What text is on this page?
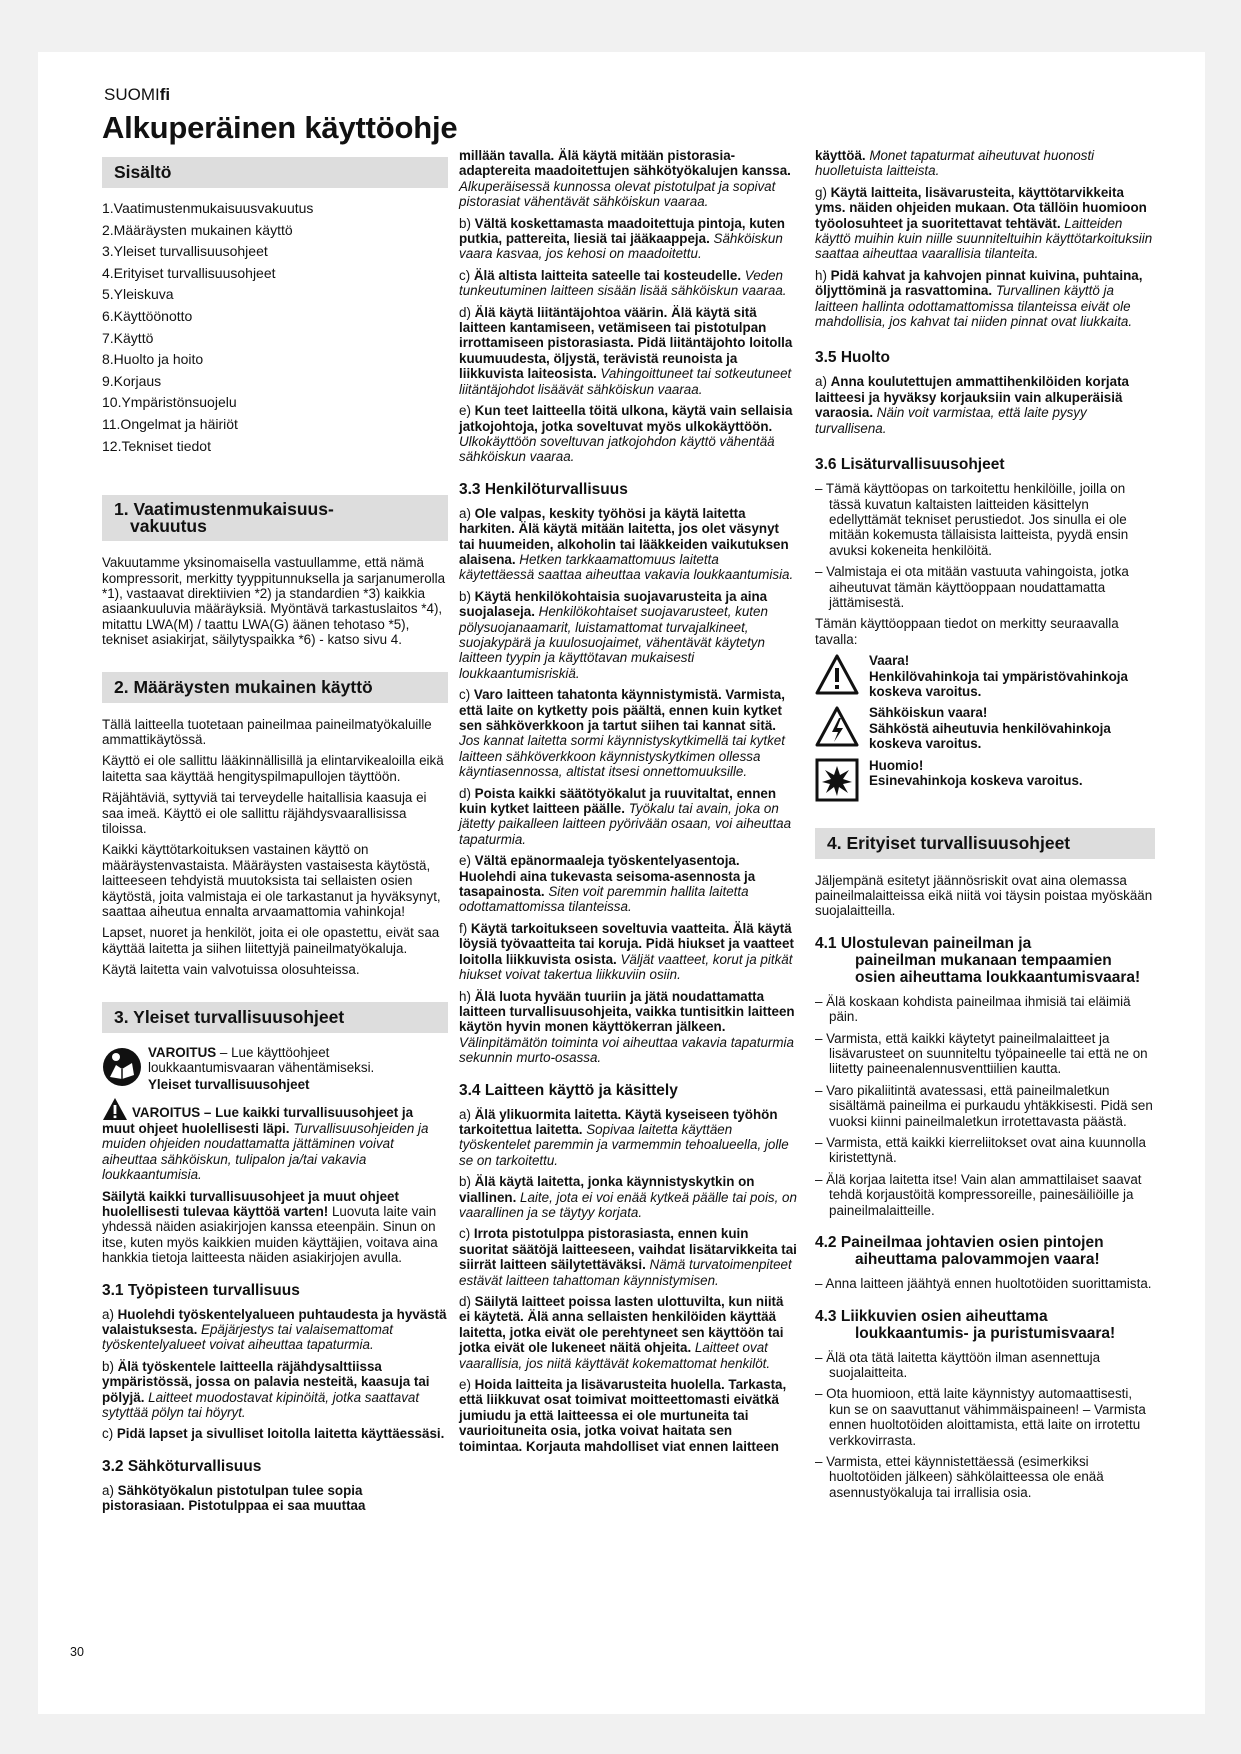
SUOMIfi
Alkuperäinen käyttöohje
Sisältö
1.Vaatimustenmukaisuusvakuutus
2.Määräysten mukainen käyttö
3.Yleiset turvallisuusohjeet
4.Erityiset turvallisuusohjeet
5.Yleiskuva
6.Käyttöönotto
7.Käyttö
8.Huolto ja hoito
9.Korjaus
10.Ympäristönsuojelu
11.Ongelmat ja häiriöt
12.Tekniset tiedot
1. Vaatimustenmukaisuus-
vakuutus

Vakuutamme yksinomaisella vastuullamme, että nämä kompressorit, merkitty tyyppitunnuksella ja sarjanumerolla *1), vastaavat direktiivien *2) ja standardien *3) kaikkia asiaankuuluvia määräyksiä. Myöntävä tarkastuslaitos *4), mitattu LWA(M) / taattu LWA(G) äänen tehotaso *5), tekniset asiakirjat, säilytyspaikka *6) - katso sivu 4.

2. Määräysten mukainen käyttö

Tällä laitteella tuotetaan paineilmaa paineilmatyökaluille ammattikäytössä.

Käyttö ei ole sallittu lääkinnällisillä ja elintarvikealoilla eikä laitetta saa käyttää hengityspilmapullojen täyttöön.

Räjähtäviä, syttyviä tai terveydelle haitallisia kaasuja ei saa imeä. Käyttö ei ole sallittu räjähdysvaarallisissa tiloissa.

Kaikki käyttötarkoituksen vastainen käyttö on määräystenvastaista. Määräysten vastaisesta käytöstä, laitteeseen tehdyistä muutoksista tai sellaisten osien käytöstä, joita valmistaja ei ole tarkastanut ja hyväksynyt, saattaa aiheutua ennalta arvaamattomia vahinkoja!

Lapset, nuoret ja henkilöt, joita ei ole opastettu, eivät saa käyttää laitetta ja siihen liitettyjä paineilmatyökaluja.

Käytä laitetta vain valvotuissa olosuhteissa.

3. Yleiset turvallisuusohjeet

VAROITUS – Lue käyttöohjeet loukkaantumisvaaran vähentämiseksi.

Yleiset turvallisuusohjeet

VAROITUS – Lue kaikki turvallisuusohjeet ja muut ohjeet huolellisesti läpi. Turvallisuusohjeiden ja muiden ohjeiden noudattamatta jättäminen voivat aiheuttaa sähköiskun, tulipalon ja/tai vakavia loukkaantumisia.

Säilytä kaikki turvallisuusohjeet ja muut ohjeet huolellisesti tulevaa käyttöä varten! Luovuta laite vain yhdessä näiden asiakirjojen kanssa eteenpäin. Sinun on itse, kuten myös kaikkien muiden käyttäjien, voitava aina hankkia tietoja laitteesta näiden asiakirjojen avulla.

3.1 Työpisteen turvallisuus

a) Huolehdi työskentelyalueen puhtaudesta ja hyvästä valaistuksesta. Epäjärjestys tai valaisemattomat työskentelyalueet voivat aiheuttaa tapaturmia.

b) Älä työskentele laitteella räjähdysalttiissa ympäristössä, jossa on palavia nesteitä, kaasuja tai pölyjä. Laitteet muodostavat kipinöitä, jotka saattavat sytyttää pölyn tai höyryt.

c) Pidä lapset ja sivulliset loitolla laitetta käyttäessäsi.

3.2 Sähköturvallisuus

a) Sähkötyökalun pistotulpan tulee sopia pistorasiaan. Pistotulppaa ei saa muuttaa

millään tavalla. Älä käytä mitään pistorasia-adaptereita maadoitettujen sähkötyökalujen kanssa. Alkuperäisessä kunnossa olevat pistotulpat ja sopivat pistorasiat vähentävät sähköiskun vaaraa.

b) Vältä koskettamasta maadoitettuja pintoja, kuten putkia, pattereita, liesiä tai jääkaappeja. Sähköiskun vaara kasvaa, jos kehosi on maadoitettu.

c) Älä altista laitteita sateelle tai kosteudelle. Veden tunkeutuminen laitteen sisään lisää sähköiskun vaaraa.

d) Älä käytä liitäntäjohtoa väärin. Älä käytä sitä laitteen kantamiseen, vetämiseen tai pistotulpan irrottamiseen pistorasiasta. Pidä liitäntäjohto loitolla kuumuudesta, öljystä, terävistä reunoista ja liikkuvista laiteosista. Vahingoittuneet tai sotkeutuneet liitäntäjohdot lisäävät sähköiskun vaaraa.

e) Kun teet laitteella töitä ulkona, käytä vain sellaisia jatkojohtoja, jotka soveltuvat myös ulkokäyttöön. Ulkokäyttöön soveltuvan jatkojohdon käyttö vähentää sähköiskun vaaraa.

3.3 Henkilöturvallisuus

a) Ole valpas, keskity työhösi ja käytä laitetta harkiten. Älä käytä mitään laitetta, jos olet väsynyt tai huumeiden, alkoholin tai lääkkeiden vaikutuksen alaisena. Hetken tarkkaamattomuus laitetta käytettäessä saattaa aiheuttaa vakavia loukkaantumisia.

b) Käytä henkilökohtaisia suojavarusteita ja aina suojalaseja. Henkilökohtaiset suojavarusteet, kuten pölysuojanaamarit, luistamattomat turvajalkineet, suojakypärä ja kuulosuojaimet, vähentävät käytetyn laitteen tyypin ja käyttötavan mukaisesti loukkaantumisriskiä.

c) Varo laitteen tahatonta käynnistymistä. Varmista, että laite on kytketty pois päältä, ennen kuin kytket sen sähköverkkoon ja tartut siihen tai kannat sitä. Jos kannat laitetta sormi käynnistyskytkimellä tai kytket laitteen sähköverkkoon käynnistyskytkimen ollessa käyntiasennossa, altistat itsesi onnettomuuksille.

d) Poista kaikki säätötyökalut ja ruuvitaltat, ennen kuin kytket laitteen päälle. Työkalu tai avain, joka on jätetty paikalleen laitteen pyörivään osaan, voi aiheuttaa tapaturmia.

e) Vältä epänormaaleja työskentelyasentoja. Huolehdi aina tukevasta seisoma-asennosta ja tasapainosta. Siten voit paremmin hallita laitetta odottamattomissa tilanteissa.

f) Käytä tarkoitukseen soveltuvia vaatteita. Älä käytä löysiä työvaatteita tai koruja. Pidä hiukset ja vaatteet loitolla liikkuvista osista. Väljät vaatteet, korut ja pitkät hiukset voivat takertua liikkuviin osiin.

h) Älä luota hyvään tuuriin ja jätä noudattamatta laitteen turvallisuusohjeita, vaikka tuntisitkin laitteen käytön hyvin monen käyttökerran jälkeen. Välinpitämätön toiminta voi aiheuttaa vakavia tapaturmia sekunnin murto-osassa.

3.4 Laitteen käyttö ja käsittely

a) Älä ylikuormita laitetta. Käytä kyseiseen työhön tarkoitettua laitetta. Sopivaa laitetta käyttäen työskentelet paremmin ja varmemmin tehoalueella, jolle se on tarkoitettu.

b) Älä käytä laitetta, jonka käynnistyskytkin on viallinen. Laite, jota ei voi enää kytkeä päälle tai pois, on vaarallinen ja se täytyy korjata.

c) Irrota pistotulppa pistorasiasta, ennen kuin suoritat säätöjä laitteeseen, vaihdat lisätarvikkeita tai siirrät laitteen säilytettäväksi. Nämä turvatoimenpiteet estävät laitteen tahattoman käynnistymisen.

d) Säilytä laitteet poissa lasten ulottuvilta, kun niitä ei käytetä. Älä anna sellaisten henkilöiden käyttää laitetta, jotka eivät ole perehtyneet sen käyttöön tai jotka eivät ole lukeneet näitä ohjeita. Laitteet ovat vaarallisia, jos niitä käyttävät kokemattomat henkilöt.

e) Hoida laitteita ja lisävarusteita huolella. Tarkasta, että liikkuvat osat toimivat moitteettomasti eivätkä jumiudu ja että laitteessa ei ole murtuneita tai vaurioituneita osia, jotka voivat haitata sen toimintaa. Korjauta mahdolliset viat ennen laitteen

käyttöä. Monet tapaturmat aiheutuvat huonosti huolletuista laitteista.

g) Käytä laitteita, lisävarusteita, käyttötarvikkeita yms. näiden ohjeiden mukaan. Ota tällöin huomioon työolosuhteet ja suoritettavat tehtävät. Laitteiden käyttö muihin kuin niille suunniteltuihin käyttötarkoituksiin saattaa aiheuttaa vaarallisia tilanteita.

h) Pidä kahvat ja kahvojen pinnat kuivina, puhtaina, öljyttöminä ja rasvattomina. Turvallinen käyttö ja laitteen hallinta odottamattomissa tilanteissa eivät ole mahdollisia, jos kahvat tai niiden pinnat ovat liukkaita.

3.5 Huolto

a) Anna koulutettujen ammattihenkilöiden korjata laitteesi ja hyväksy korjauksiin vain alkuperäisiä varaosia. Näin voit varmistaa, että laite pysyy turvallisena.

3.6 Lisäturvallisuusohjeet

– Tämä käyttöopas on tarkoitettu henkilöille, joilla on tässä kuvatun kaltaisten laitteiden käsittelyn edellyttämät tekniset perustiedot. Jos sinulla ei ole mitään kokemusta tällaisista laitteista, pyydä ensin avuksi kokeneita henkilöitä.

– Valmistaja ei ota mitään vastuuta vahingoista, jotka aiheutuvat tämän käyttöoppaan noudattamatta jättämisestä.

Tämän käyttöoppaan tiedot on merkitty seuraavalla tavalla:

Vaara!
Henkilövahinkoja tai ympäristövahinkoja koskeva varoitus.
Sähköiskun vaara!
Sähköstä aiheutuvia henkilövahinkoja koskeva varoitus.
Huomio!
Esinevahinkoja koskeva varoitus.
4. Erityiset turvallisuusohjeet

Jäljempänä esitetyt jäännösriskit ovat aina olemassa paineilmalaitteissa eikä niitä voi täysin poistaa myöskään suojalaitteilla.

4.1 Ulostulevan paineilman ja
paineilman mukanaan tempaamien osien aiheuttama loukkaantumisvaara!

– Älä koskaan kohdista paineilmaa ihmisiä tai eläimiä päin.

– Varmista, että kaikki käytetyt paineilmalaitteet ja lisävarusteet on suunniteltu työpaineelle tai että ne on liitetty paineenalennusventtiilien kautta.

– Varo pikaliitintä avatessasi, että paineilmaletkun sisältämä paineilma ei purkaudu yhtäkkisesti. Pidä sen vuoksi kiinni paineilmaletkun irrotettavasta päästä.

– Varmista, että kaikki kierreliitokset ovat aina kuunnolla kiristettynä.

– Älä korjaa laitetta itse! Vain alan ammattilaiset saavat tehdä korjaustöitä kompressoreille, painesäiliöille ja paineilmalaitteille.

4.2 Paineilmaa johtavien osien pintojen
aiheuttama palovammojen vaara!

– Anna laitteen jäähtyä ennen huoltotöiden suorittamista.

4.3 Liikkuvien osien aiheuttama
loukkaantumis- ja puristumisvaara!

– Älä ota tätä laitetta käyttöön ilman asennettuja suojalaitteita.

– Ota huomioon, että laite käynnistyy automaattisesti, kun se on saavuttanut vähimmäispaineen! – Varmista ennen huoltotöiden aloittamista, että laite on irrotettu verkkovirrasta.

– Varmista, ettei käynnistettäessä (esimerkiksi huoltotöiden jälkeen) sähkölaitteessa ole enää asennustyökaluja tai irrallisia osia.

30
